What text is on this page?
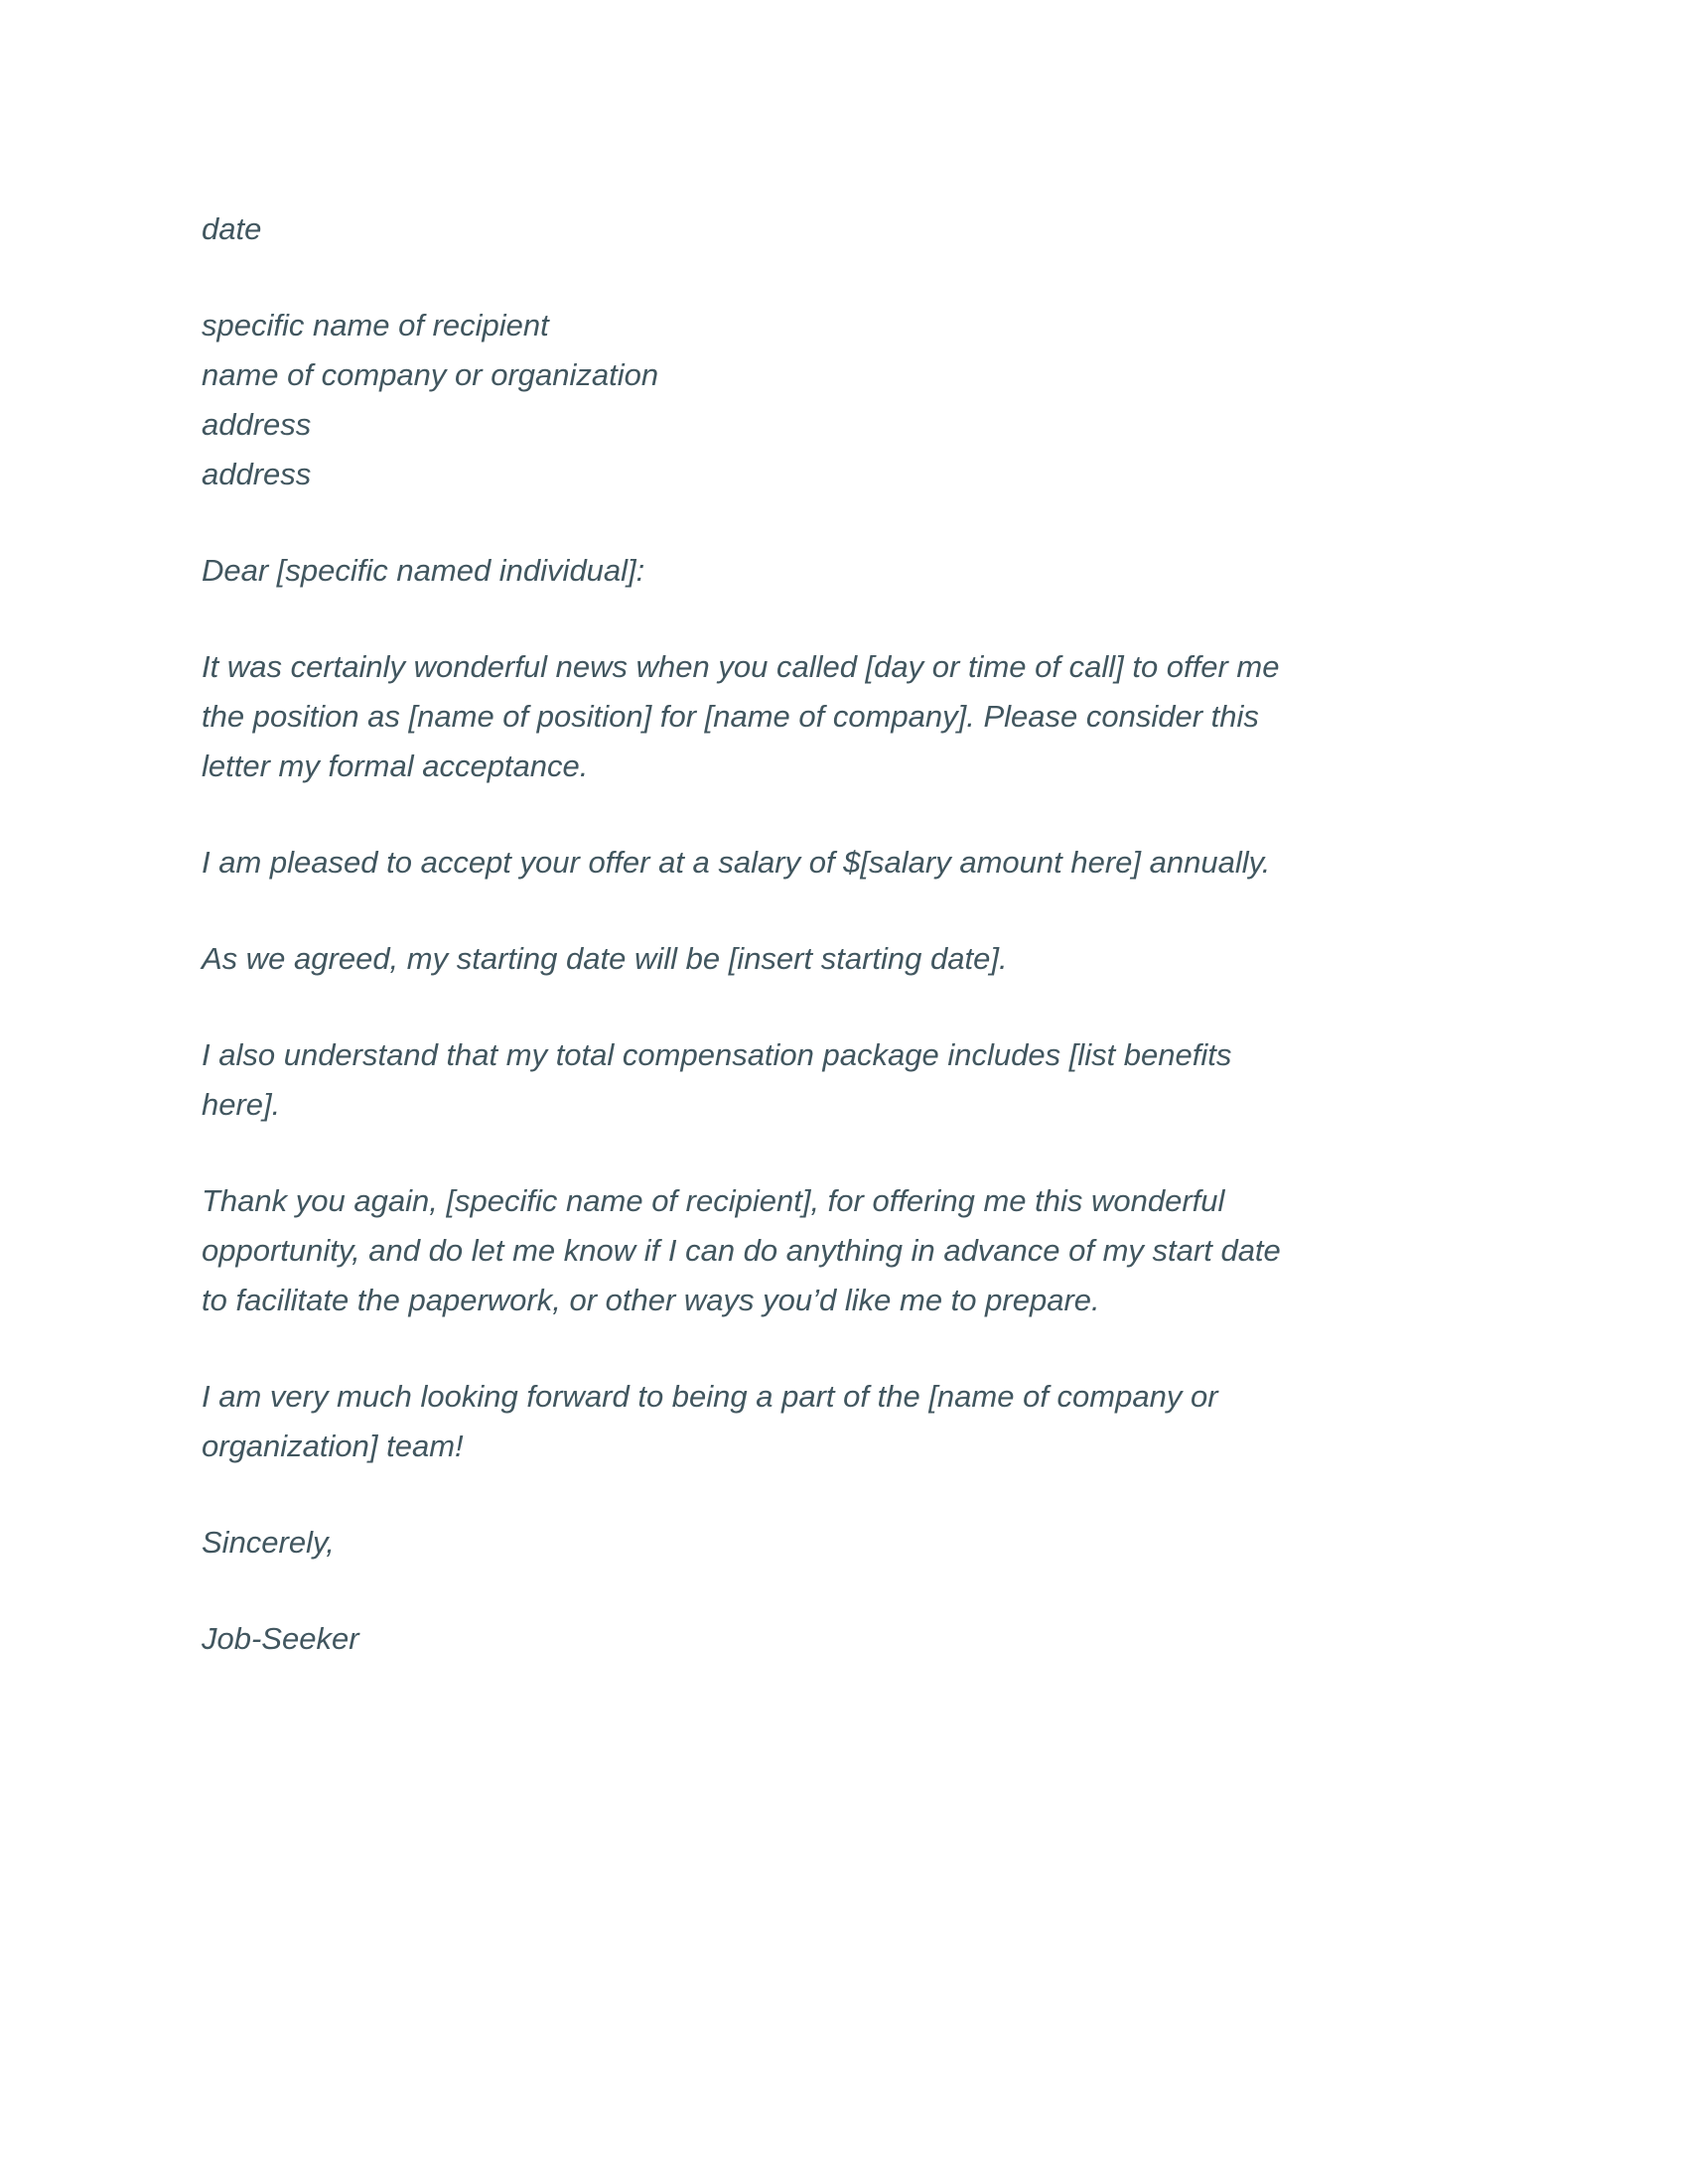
date
specific name of recipient
name of company or organization
address
address
Dear [specific named individual]:
It was certainly wonderful news when you called [day or time of call] to offer me
the position as [name of position] for [name of company]. Please consider this
letter my formal acceptance.
I am pleased to accept your offer at a salary of $[salary amount here] annually.
As we agreed, my starting date will be [insert starting date].
I also understand that my total compensation package includes [list benefits
here].
Thank you again, [specific name of recipient], for offering me this wonderful
opportunity, and do let me know if I can do anything in advance of my start date
to facilitate the paperwork, or other ways you’d like me to prepare.
I am very much looking forward to being a part of the [name of company or
organization] team!
Sincerely,
Job-Seeker
